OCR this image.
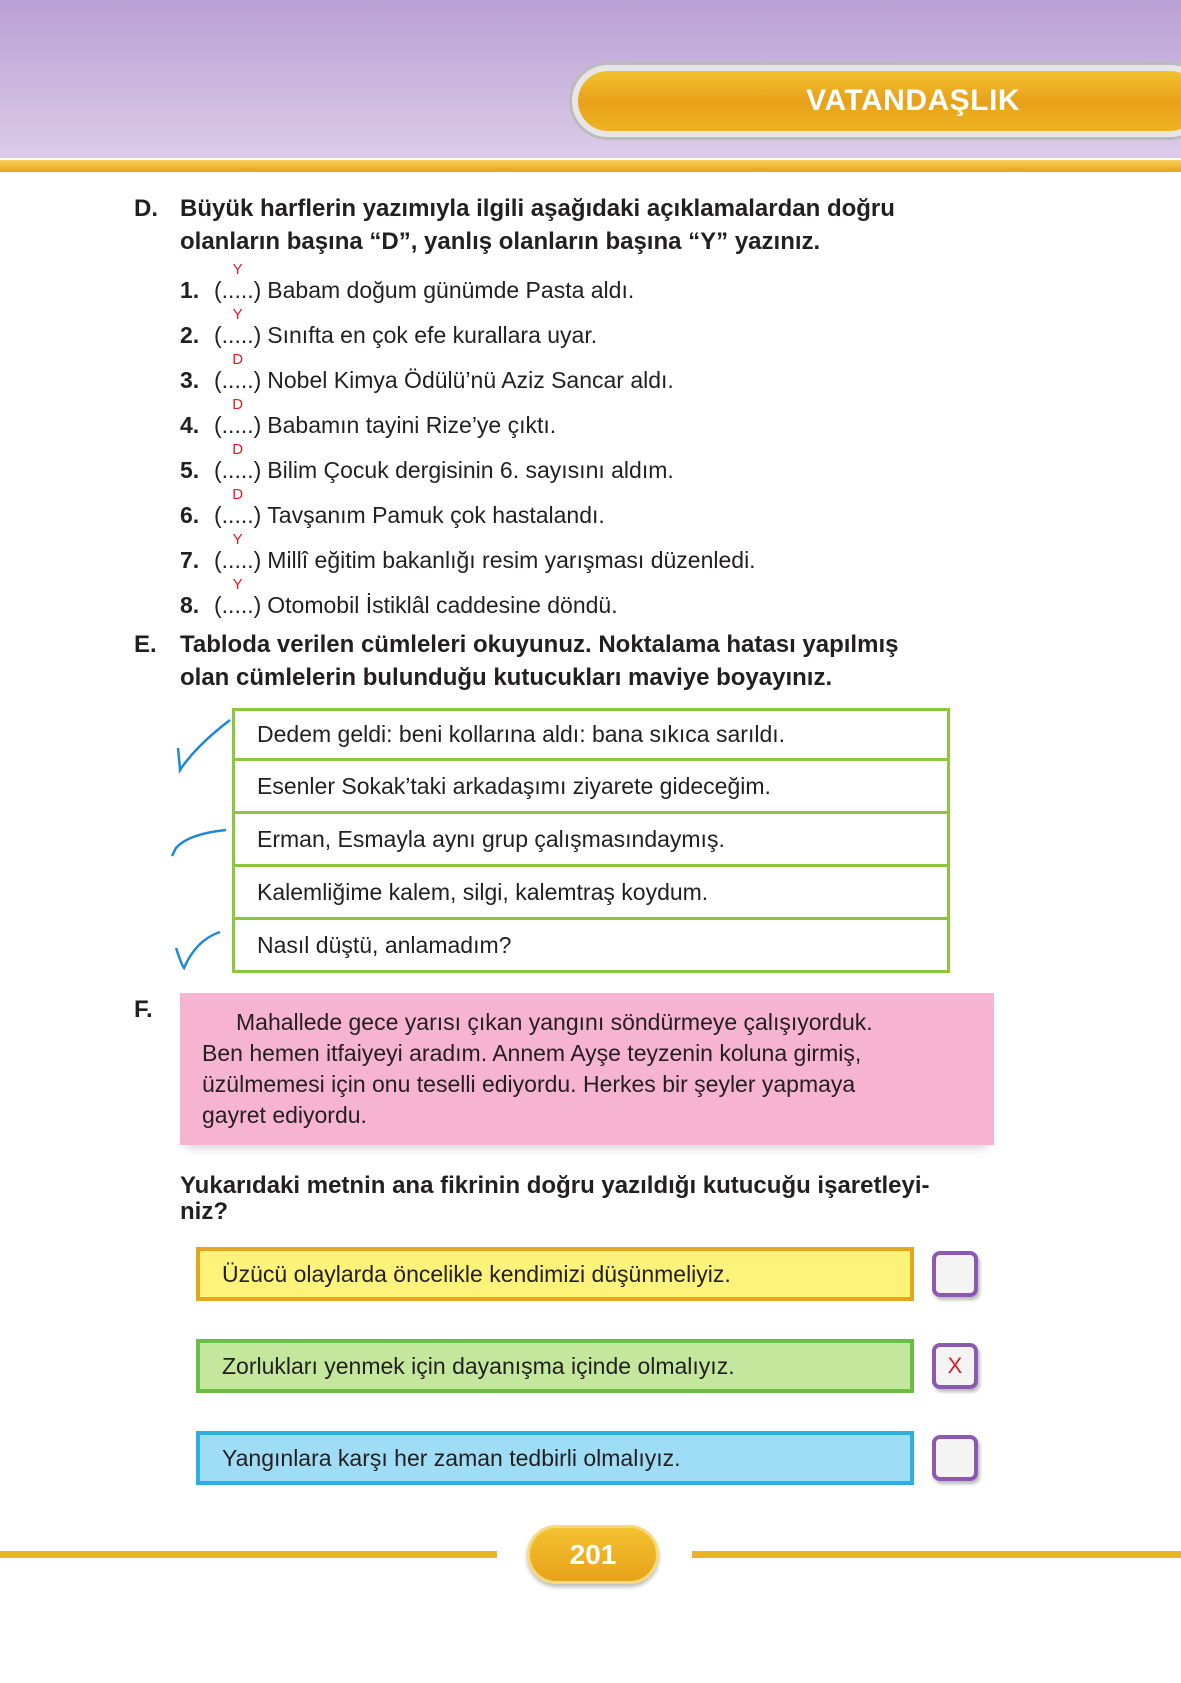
VATANDAŞLIK
D. Büyük harflerin yazımıyla ilgili aşağıdaki açıklamalardan doğru
olanların başına “D”, yanlış olanların başına “Y” yazınız.
1.
Y
(.....) Babam doğum günümde Pasta aldı.
2.
Y
(.....) Sınıfta en çok efe kurallara uyar.
3.
D
(.....) Nobel Kimya Ödülü’nü Aziz Sancar aldı.
4.
D
(.....) Babamın tayini Rize’ye çıktı.
5.
D
(.....) Bilim Çocuk dergisinin 6. sayısını aldım.
6.
D
(.....) Tavşanım Pamuk çok hastalandı.
7.
Y
(.....) Millî eğitim bakanlığı resim yarışması düzenledi.
8.
Y
(.....) Otomobil İstiklâl caddesine döndü.
E. Tabloda verilen cümleleri okuyunuz. Noktalama hatası yapılmış
olan cümlelerin bulunduğu kutucukları maviye boyayınız.
Dedem geldi: beni kollarına aldı: bana sıkıca sarıldı.
Esenler Sokak’taki arkadaşımı ziyarete gideceğim.
Erman, Esmayla aynı grup çalışmasındaymış.
Kalemliğime kalem, silgi, kalemtraş koydum.
Nasıl düştü, anlamadım?
F.	Mahallede gece yarısı çıkan yangını söndürmeye çalışıyorduk.
Ben hemen itfaiyeyi aradım. Annem Ayşe teyzenin koluna girmiş,
üzülmemesi için onu teselli ediyordu. Herkes bir şeyler yapmaya
gayret ediyordu.
Yukarıdaki metnin ana fikrinin doğru yazıldığı kutucuğu işaretleyi-
niz?
Üzücü olaylarda öncelikle kendimizi düşünmeliyiz.
Zorlukları yenmek için dayanışma içinde olmalıyız.	X
Yangınlara karşı her zaman tedbirli olmalıyız.
201
